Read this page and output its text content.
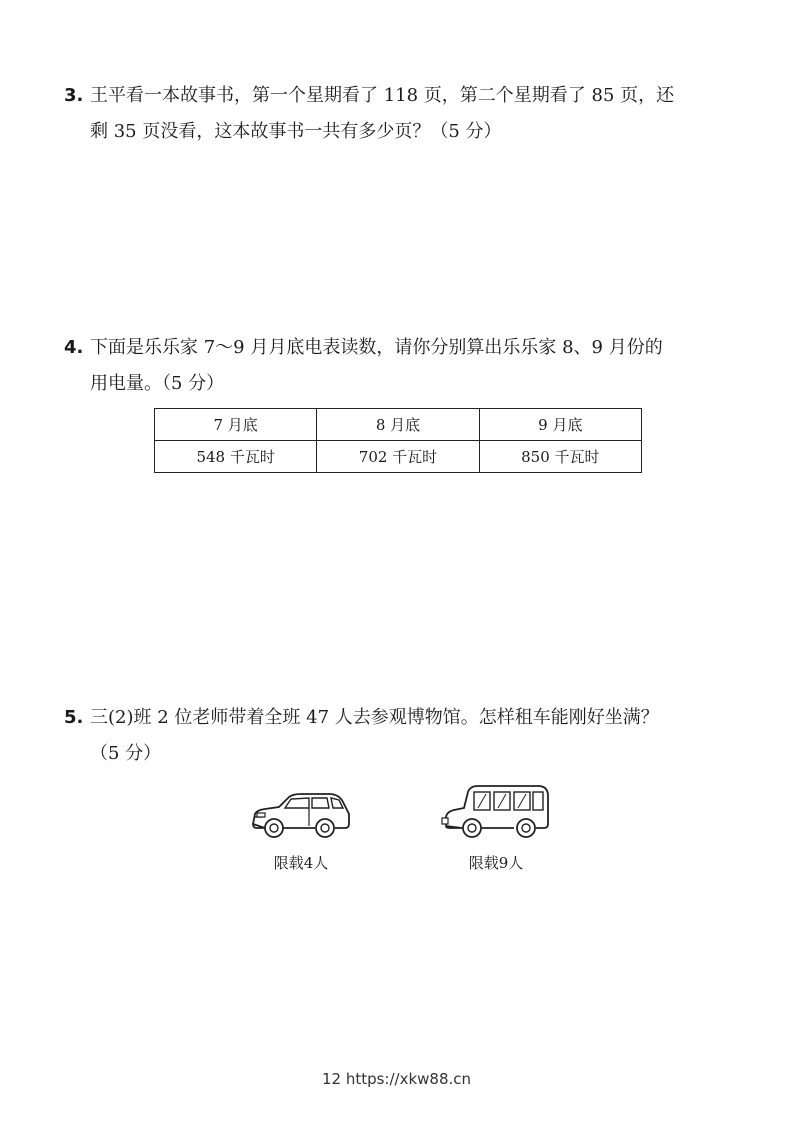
3. 王平看一本故事书，第一个星期看了 118 页，第二个星期看了 85 页，还
剩 35 页没看，这本故事书一共有多少页？（5 分）
4. 下面是乐乐家 7～9 月月底电表读数，请你分别算出乐乐家 8、9 月份的
用电量。（5 分）
7 月底	8 月底	9 月底
548 千瓦时	702 千瓦时	850 千瓦时
5. 三(2)班 2 位老师带着全班 47 人去参观博物馆。怎样租车能刚好坐满？
（5 分）
限载4人	限载9人
12 https://xkw88.cn
